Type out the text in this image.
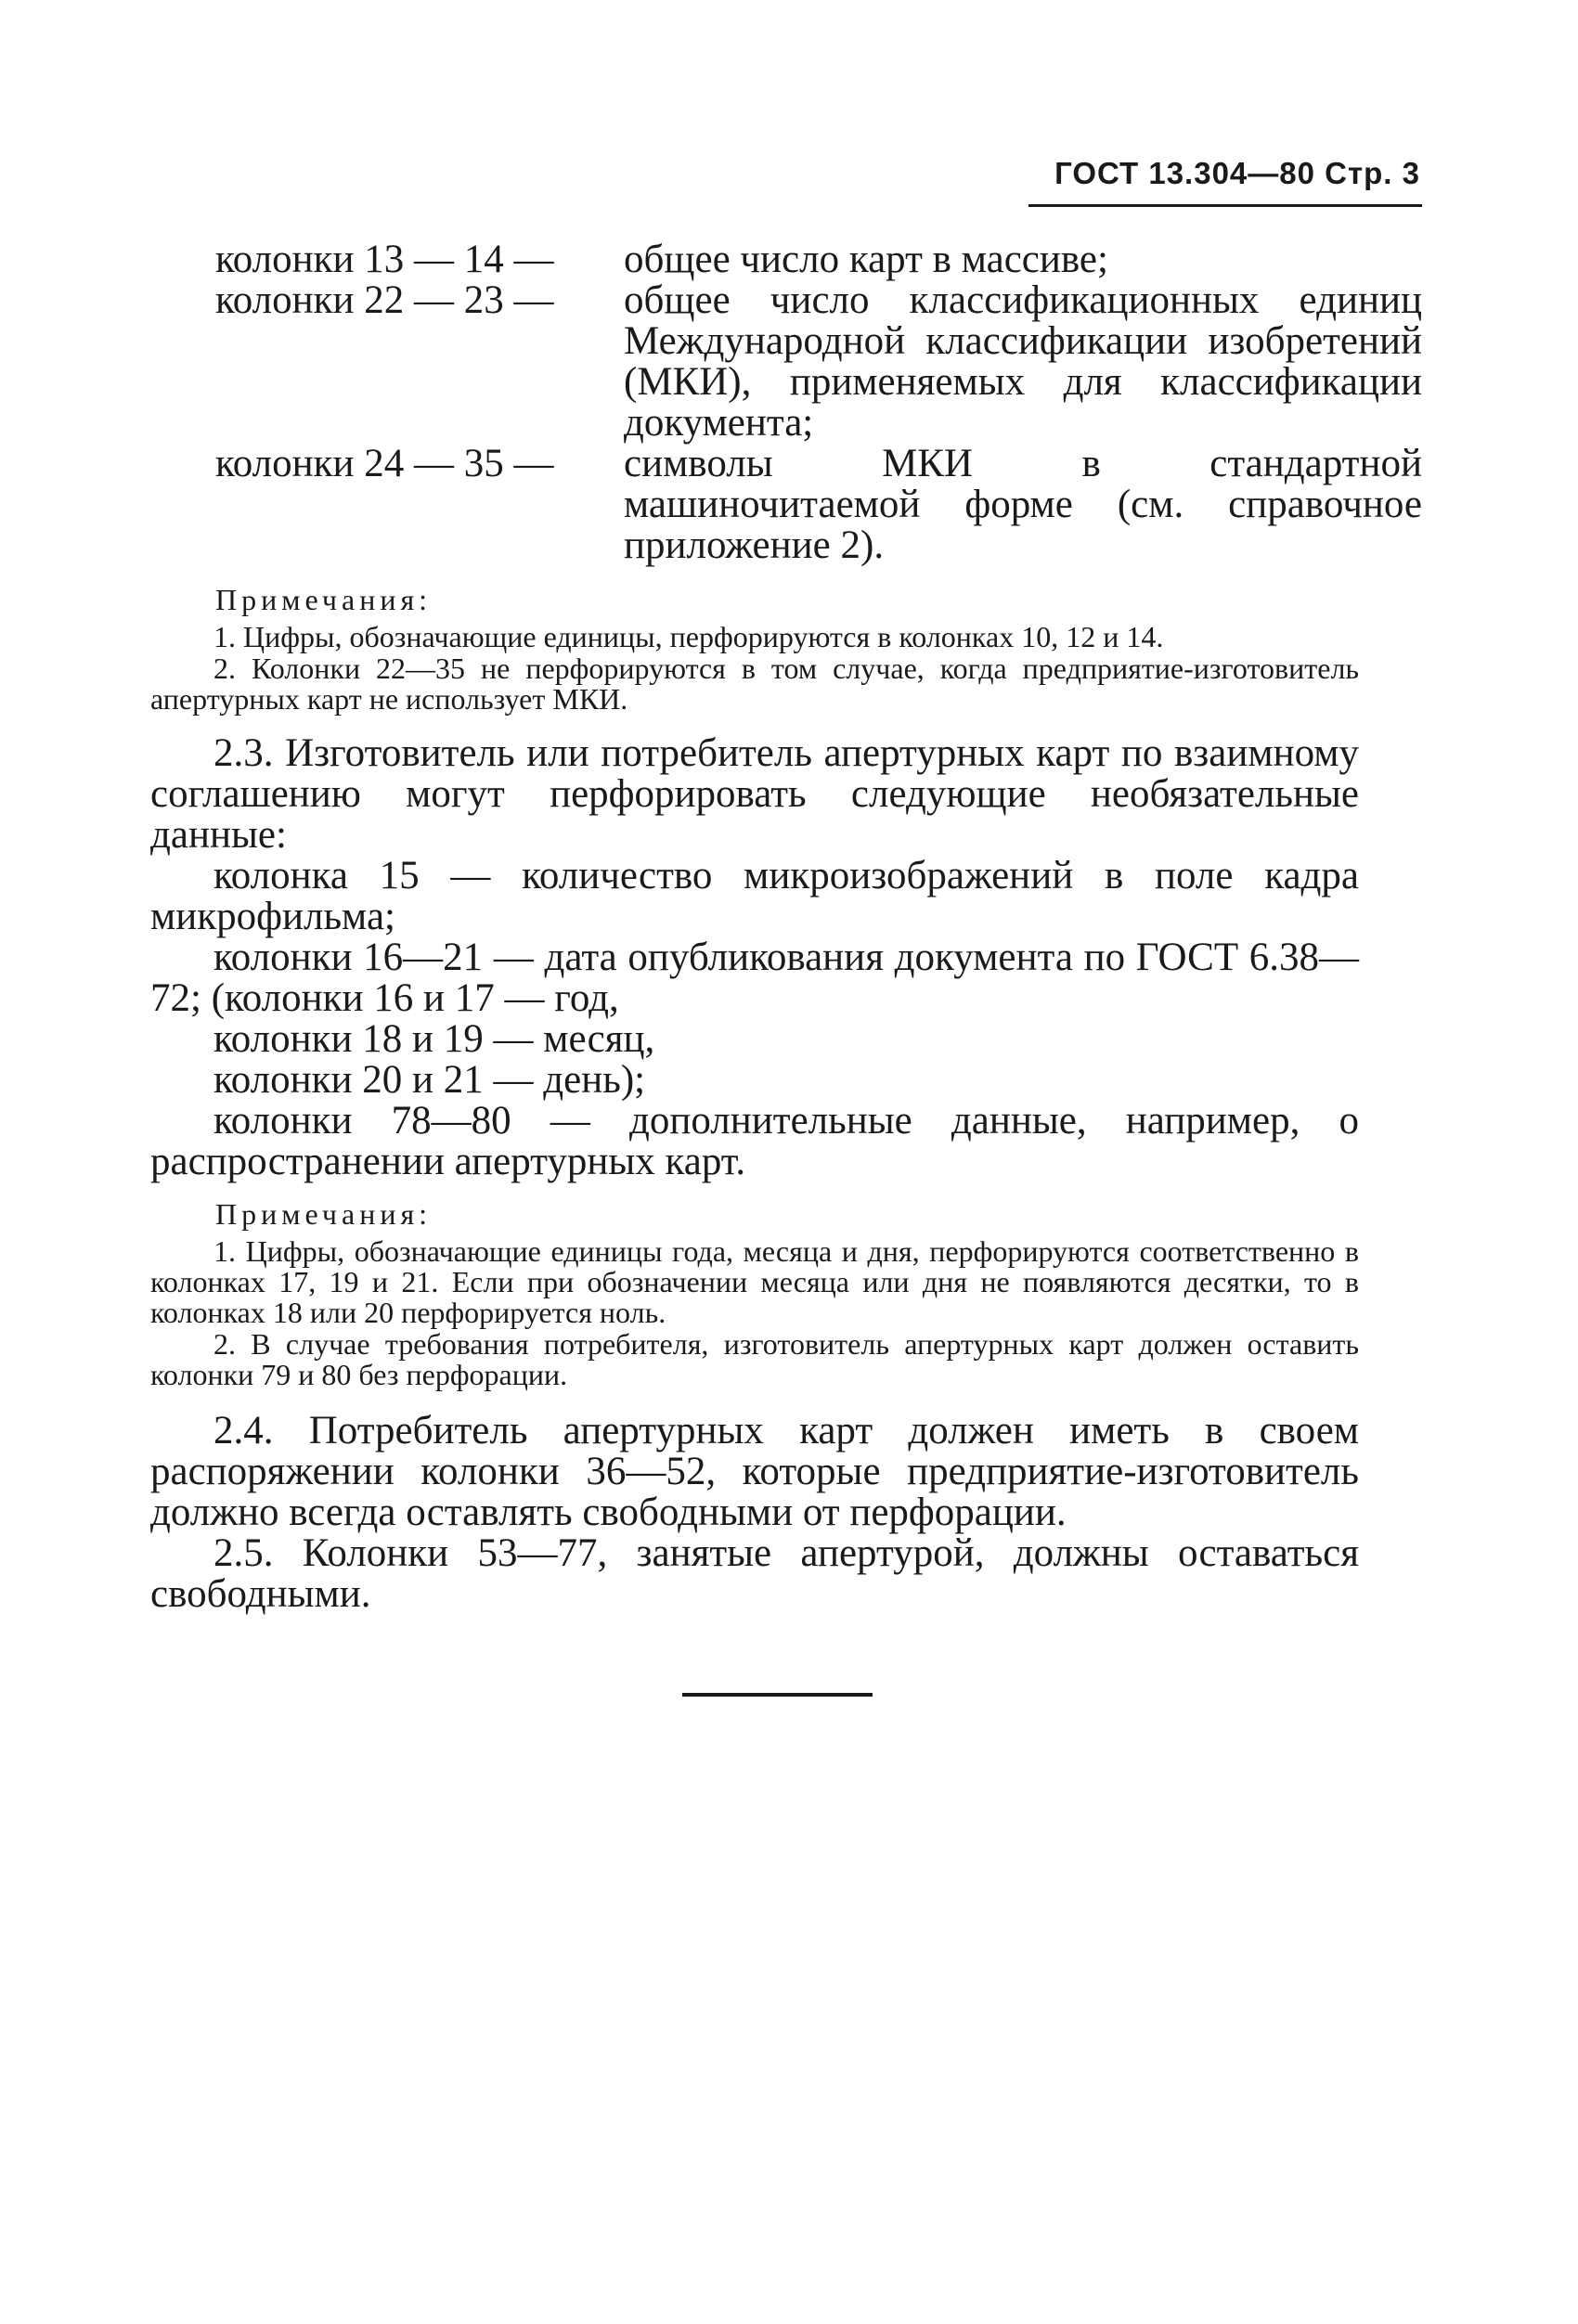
ГОСТ 13.304—80 Стр. 3
колонки 13 — 14 — общее число карт в массиве;
колонки 22 — 23 — общее число классификационных единиц Международной классификации изобретений (МКИ), применяемых для классификации документа;
колонки 24 — 35 — символы МКИ в стандартной машиночитаемой форме (см. справочное приложение 2).
Примечания:
1. Цифры, обозначающие единицы, перфорируются в колонках 10, 12 и 14.
2. Колонки 22—35 не перфорируются в том случае, когда предприятие-изготовитель апертурных карт не использует МКИ.
2.3. Изготовитель или потребитель апертурных карт по взаимному соглашению могут перфорировать следующие необязательные данные:
колонка 15 — количество микроизображений в поле кадра микрофильма;
колонки 16—21 — дата опубликования документа по ГОСТ 6.38—72; (колонки 16 и 17 — год,
колонки 18 и 19 — месяц,
колонки 20 и 21 — день);
колонки 78—80 — дополнительные данные, например, о распространении апертурных карт.
Примечания:
1. Цифры, обозначающие единицы года, месяца и дня, перфорируются соответственно в колонках 17, 19 и 21. Если при обозначении месяца или дня не появляются десятки, то в колонках 18 или 20 перфорируется ноль.
2. В случае требования потребителя, изготовитель апертурных карт должен оставить колонки 79 и 80 без перфорации.
2.4. Потребитель апертурных карт должен иметь в своем распоряжении колонки 36—52, которые предприятие-изготовитель должно всегда оставлять свободными от перфорации.
2.5. Колонки 53—77, занятые апертурой, должны оставаться свободными.
